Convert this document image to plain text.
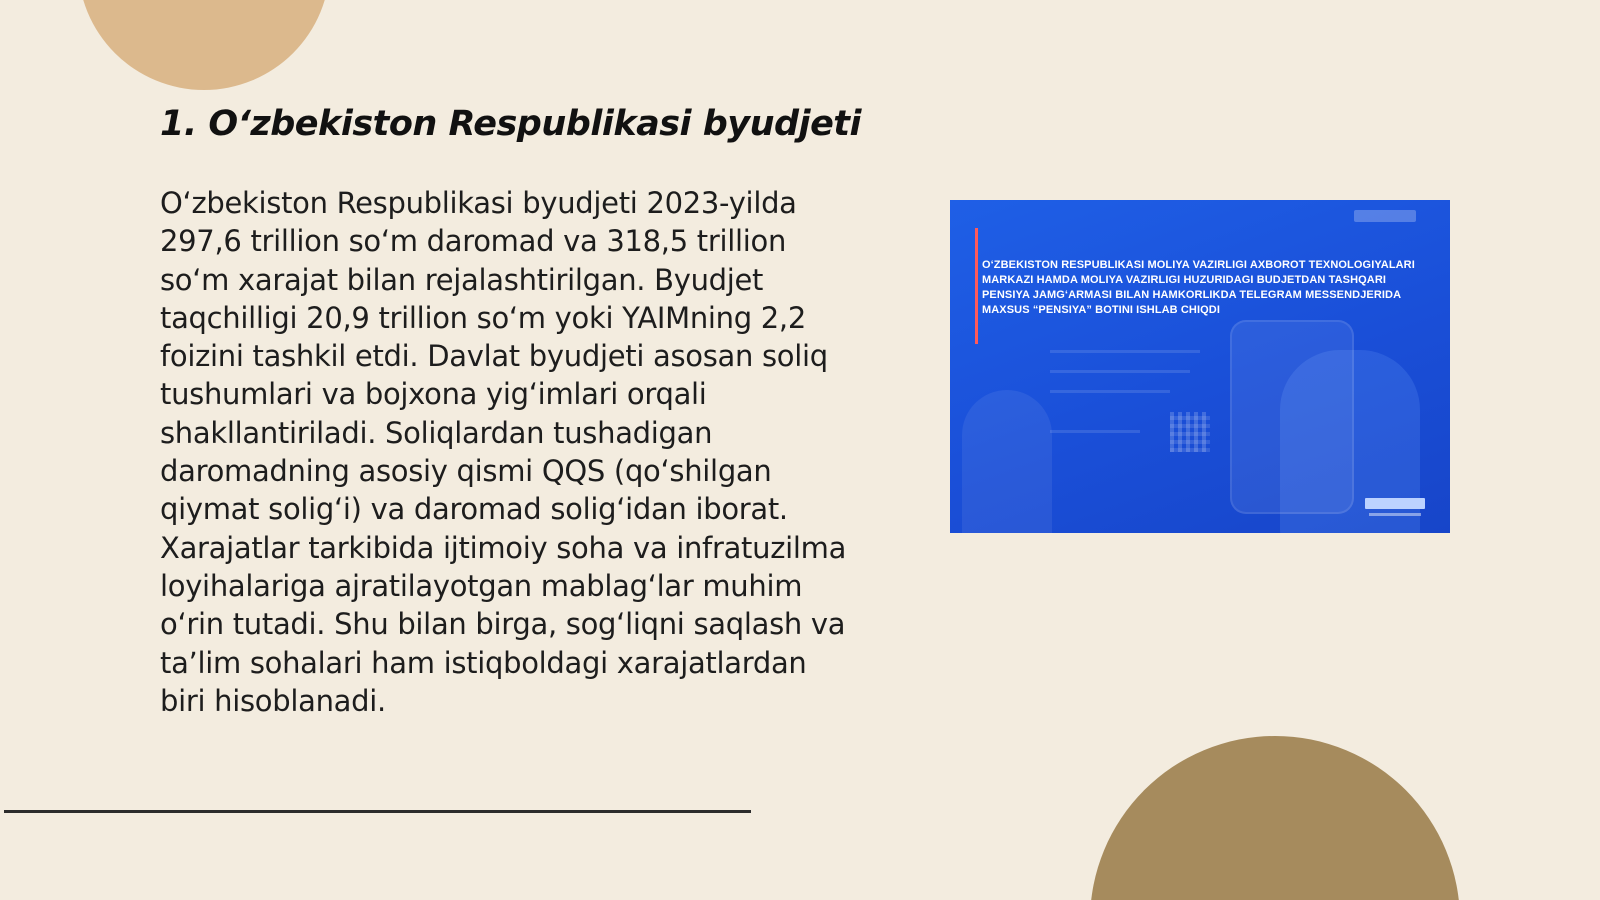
1. O‘zbekiston Respublikasi byudjeti

O‘zbekiston Respublikasi byudjeti 2023-yilda 297,6 trillion so‘m daromad va 318,5 trillion so‘m xarajat bilan rejalashtirilgan. Byudjet taqchilligi 20,9 trillion so‘m yoki YAIMning 2,2 foizini tashkil etdi. Davlat byudjeti asosan soliq tushumlari va bojxona yig‘imlari orqali shakllantiriladi. Soliqlardan tushadigan daromadning asosiy qismi QQS (qo‘shilgan qiymat solig‘i) va daromad solig‘idan iborat. Xarajatlar tarkibida ijtimoiy soha va infratuzilma loyihalariga ajratilayotgan mablag‘lar muhim o‘rin tutadi. Shu bilan birga, sog‘liqni saqlash va ta’lim sohalari ham istiqboldagi xarajatlardan biri hisoblanadi.

O‘ZBEKISTON RESPUBLIKASI MOLIYA VAZIRLIGI AXBOROT TEXNOLOGIYALARI MARKAZI HAMDA MOLIYA VAZIRLIGI HUZURIDAGI BUDJETDAN TASHQARI PENSIYA JAMG‘ARMASI BILAN HAMKORLIKDA TELEGRAM MESSENDJERIDA MAXSUS “PENSIYA” BOTINI ISHLAB CHIQDI
